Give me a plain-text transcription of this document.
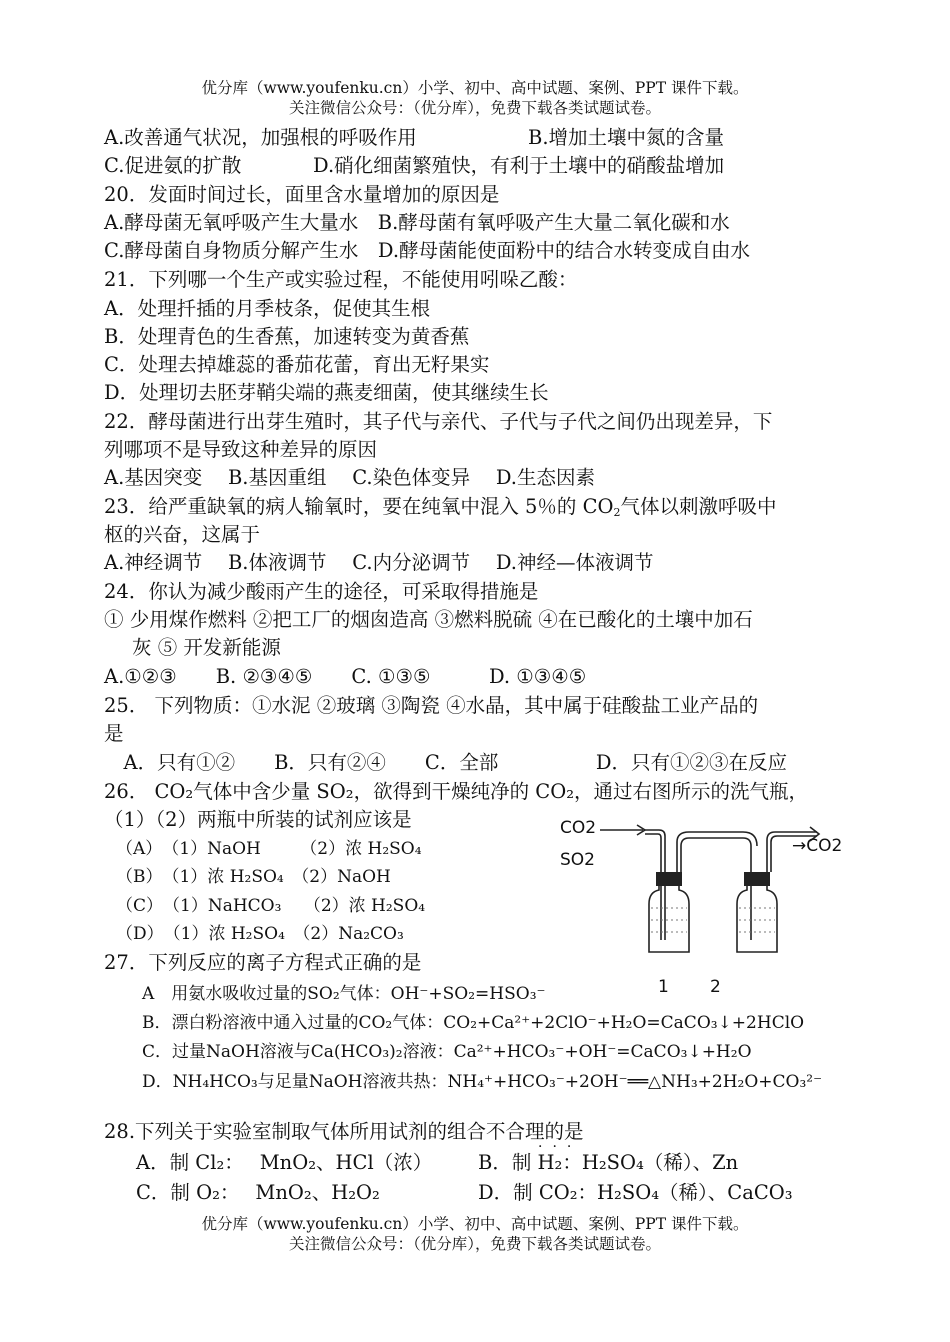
优分库（www.youfenku.cn）小学、初中、高中试题、案例、PPT 课件下载。
关注微信公众号：（优分库），免费下载各类试题试卷。
A.改善通气状况，加强根的呼吸作用	B.增加土壤中氮的含量
C.促进氨的扩散	D.硝化细菌繁殖快，有利于土壤中的硝酸盐增加
20．发面时间过长，面里含水量增加的原因是
A.酵母菌无氧呼吸产生大量水　B.酵母菌有氧呼吸产生大量二氧化碳和水
C.酵母菌自身物质分解产生水　D.酵母菌能使面粉中的结合水转变成自由水
21．下列哪一个生产或实验过程，不能使用吲哚乙酸：
A．处理扦插的月季枝条，促使其生根
B．处理青色的生香蕉，加速转变为黄香蕉
C．处理去掉雄蕊的番茄花蕾，育出无籽果实
D．处理切去胚芽鞘尖端的燕麦细菌，使其继续生长
22．酵母菌进行出芽生殖时，其子代与亲代、子代与子代之间仍出现差异，下
列哪项不是导致这种差异的原因
A.基因突变　 B.基因重组　 C.染色体变异　 D.生态因素
23．给严重缺氧的病人输氧时，要在纯氧中混入 5％的 $CO_2$气体以刺激呼吸中
枢的兴奋，这属于
A.神经调节　 B.体液调节　 C.内分泌调节　 D.神经—体液调节
24．你认为减少酸雨产生的途径，可采取得措施是
① 少用煤作燃料 ②把工厂的烟囱造高 ③燃料脱硫 ④在已酸化的土壤中加石
灰 ⑤ 开发新能源
A.①②③　　B. ②③④⑤　　C. ①③⑤　　　D. ①③④⑤
25． 下列物质：①水泥 ②玻璃 ③陶瓷 ④水晶，其中属于硅酸盐工业产品的
是
　A．只有①②　　B．只有②④　　C．全部　　　　　D．只有①②③在反应
26． CO₂气体中含少量 SO₂，欲得到干燥纯净的 CO₂，通过右图所示的洗气瓶，
（1）（2）两瓶中所装的试剂应该是
（A）　（1）NaOH　　 （2）浓 H₂SO₄
（B）　（1）浓 H₂SO₄　（2）NaOH
（C）　（1）NaHCO₃　 （2）浓 H₂SO₄
（D）　（1）浓 H₂SO₄　（2）Na₂CO₃
CO2
SO2
→CO2
1 2
27．下列反应的离子方程式正确的是
A　用氨水吸收过量的SO₂气体：OH⁻+SO₂=HSO₃⁻
B．漂白粉溶液中通入过量的CO₂气体：CO₂+Ca²⁺+2ClO⁻+H₂O=CaCO₃↓+2HClO
C．过量NaOH溶液与Ca(HCO₃)₂溶液：Ca²⁺+HCO₃⁻+OH⁻=CaCO₃↓+H₂O
D．NH₄HCO₃与足量NaOH溶液共热：NH₄⁺+HCO₃⁻+2OH⁻══△NH₃+2H₂O+CO₃²⁻
28.下列关于实验室制取气体所用试剂的组合不合理的是
···
A．制 Cl₂：　 MnO₂、HCl（浓） B．制 H₂：H₂SO₄（稀）、Zn
C．制 O₂：　 MnO₂、H₂O₂	D．制 CO₂：H₂SO₄（稀）、CaCO₃
优分库（www.youfenku.cn）小学、初中、高中试题、案例、PPT 课件下载。
关注微信公众号：（优分库），免费下载各类试题试卷。
